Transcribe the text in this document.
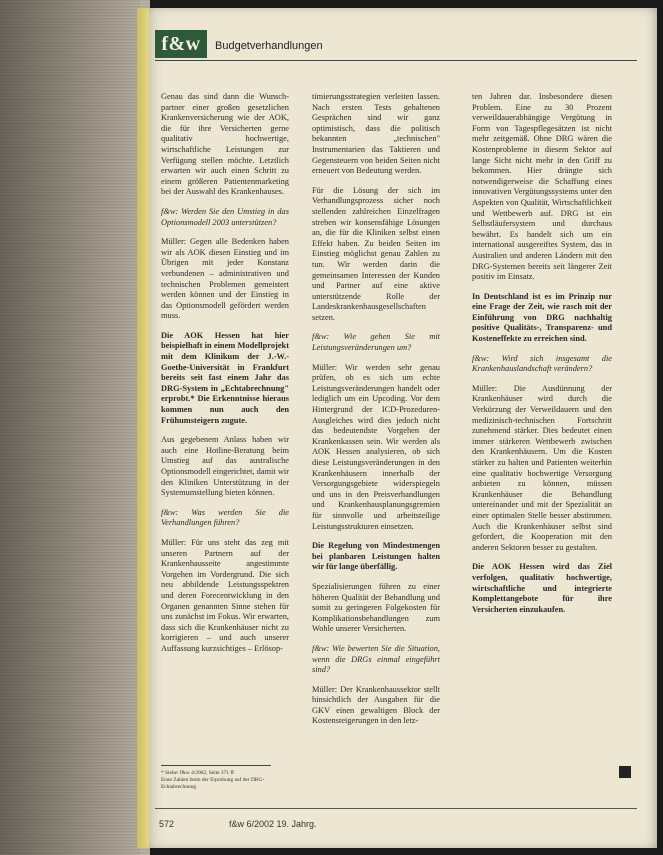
f&w	Budgetverhandlungen

Genau das sind dann die Wunsch-partner einer großen gesetzlichen Krankenversicherung wie der AOK, die für ihre Versicherten gerne qualitativ hochwertige, wirtschaftliche Leistungen zur Verfügung stellen möchte. Letztlich erwarten wir auch einen Schritt zu einem größeren Patientenmarketing bei der Auswahl des Krankenhauses.

f&w: Werden Sie den Umstieg in das Optionsmodell 2003 unterstützen?

Müller: Gegen alle Bedenken haben wir als AOK diesen Einstieg und im Übrigen mit jeder Konstanz verbundenen – administrativen und technischen Problemen gemeistert werden können und der Einstieg in das Optionsmodell gefördert werden muss.

Die AOK Hessen hat hier beispielhaft in einem Modellprojekt mit dem Klinikum der J.-W.-Goethe-Universität in Frankfurt bereits seit fast einem Jahr das DRG-System in „Echtabrechnung" erprobt.* Die Erkenntnisse hieraus kommen nun auch den Frühumsteigern zugute.

Aus gegebenem Anlass haben wir auch eine Hotline-Beratung beim Umstieg auf das australische Optionsmodell eingerichtet, damit wir den Kliniken Unterstützung in der Systemumstellung bieten können.

f&w: Was werden Sie die Verhandlungen führen?

Müller: Für uns steht das zeg mit unseren Partnern auf der Krankenhausseite angestimmte Vorgehen im Vordergrund. Die sich neu abbildende Leistungsspektren und deren Forecentwicklung in den Organen genannten Sinne stehen für uns zunächst im Fokus. Wir erwarten, dass sich die Krankenhäuser nicht zu korrigieren – und auch unserer Auffassung kurzsichtiges – Erlösop-

timierungsstrategien verleiten lassen. Nach ersten Tests gehaltenen Gesprächen sind wir ganz optimistisch, dass die politisch bekannten „technischen" Instrumentarien das Taktieren und Gegensteuern von beiden Seiten nicht erneuert von Bedeutung werden.

Für die Lösung der sich im Verhandlungsprozess sicher noch stellenden zahlreichen Einzelfragen streben wir konsensfähige Lösungen an, die für die Kliniken selbst einen Effekt haben. Zu beiden Seiten im Einstieg möglichst genau Zahlen zu tun. Wir werden darin die gemeinsamen Interessen der Kunden und Partner auf eine aktive unterstützende Rolle der Landeskrankenhausgesellschaften setzen.

f&w: Wie gehen Sie mit Leistungsveränderungen um?

Müller: Wir werden sehr genau prüfen, ob es sich um echte Leistungsveränderungen handelt oder lediglich um ein Upcoding. Vor dem Hintergrund der ICD-Prozeduren-Ausgleiches wird dies jedoch nicht das bedeutendste Vorgehen der Krankenkassen sein. Wir werden als AOK Hessen analysieren, ob sich diese Leistungsveränderungen in den Krankenhäusern innerhalb der Versorgungsgebiete widerspiegeln und uns in den Preisverhandlungen und Krankenhausplanungsgremien für sinnvolle und arbeitsteilige Leistungsstrukturen einsetzen.

Die Regelung von Mindestmengen bei planbaren Leistungen halten wir für lange überfällig.

Spezialisierungen führen zu einer höheren Qualität der Behandlung und somit zu geringeren Folgekosten für Komplikationsbehandlungen zum Wohle unserer Versicherten.

f&w: Wie bewerten Sie die Situation, wenn die DRGs einmal eingeführt sind?

Müller: Der Krankenhaussektor stellt hinsichtlich der Ausgaben für die GKV einen gewaltigen Block der Kostensteigerungen in den letz-

ten Jahren dar. Insbesondere diesen Problem. Eine zu 30 Prozent verweildauerabhängige Vergütung in Form von Tagespflegesätzen ist nicht mehr zeitgemäß. Ohne DRG wären die Kostenprobleme in diesem Sektor auf lange Sicht nicht mehr in den Griff zu bekommen. Hier drängte sich notwendigerweise die Schaffung eines innovativen Vergütungssystems unter den Aspekten von Qualität, Wirtschaftlichkeit und Wettbewerb auf. DRG ist ein Selbstläufersystem und durchaus bewährt. Es handelt sich um ein international ausgereiftes System, das in Australien und anderen Ländern mit den DRG-Systemen bereits seit längerer Zeit positiv im Einsatz.

In Deutschland ist es im Prinzip nur eine Frage der Zeit, wie rasch mit der Einführung von DRG nachhaltig positive Qualitäts-, Transparenz- und Kosteneffekte zu erreichen sind.

f&w: Wird sich insgesamt die Krankenhauslandschaft verändern?

Müller: Die Ausdünnung der Krankenhäuser wird durch die Verkürzung der Verweildauern und den medizinisch-technischen Fortschritt zunehmend stärker. Dies bedeutet einen immer stärkeren Wettbewerb zwischen den Krankenhäusern. Um die Kosten stärker zu halten und Patienten weiterhin eine qualitativ hochwertige Versorgung anbieten zu können, müssen Krankenhäuser die Behandlung untereinander und mit der Spezialität an einer optimalen Stelle besser abstimmen. Auch die Krankenhäuser selbst sind gefordert, die Kooperation mit den anderen Sektoren besser zu gestalten.

Die AOK Hessen wird das Ziel verfolgen, qualitativ hochwertige, wirtschaftliche und integrierte Komplettangebote für ihre Versicherten einzukaufen.

* Siehe: f&w 4/2002, Seite 371 ff.
Erste Zahlen beim der Erprobung auf der DRG-Echtabrechnung
572	f&w 6/2002 19. Jahrg.
